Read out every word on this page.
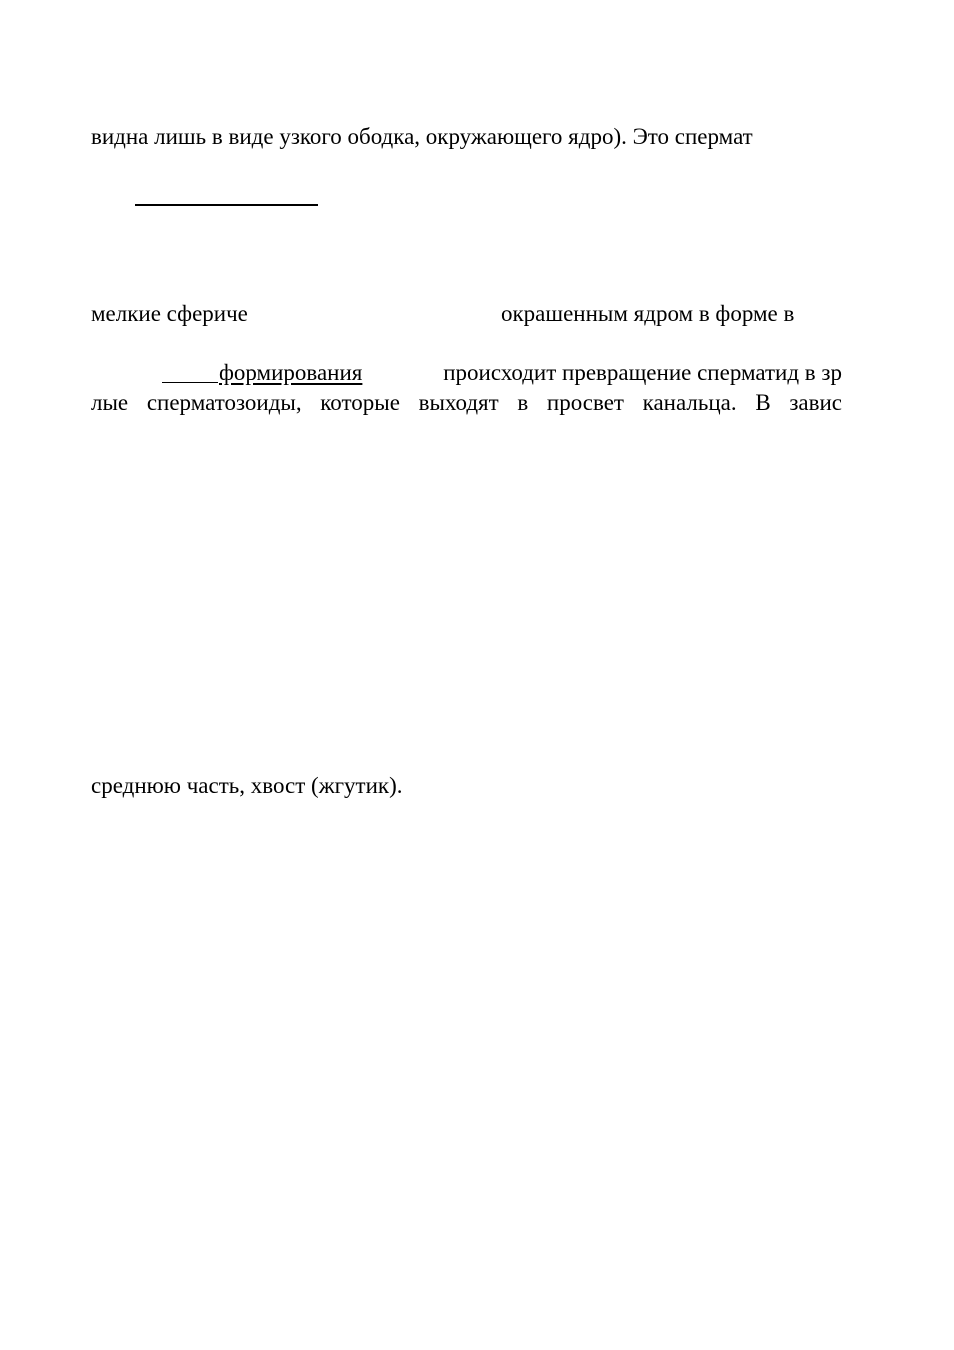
видна лишь в виде узкого ободка, окружающего ядро). Это спермат
мелкие сфериче	окрашенным ядром в форме в
формирования	происходит превращение сперматид в зр
лые сперматозоиды, которые выходят в просвет канальца. В завис
среднюю часть, хвост (жгутик).
